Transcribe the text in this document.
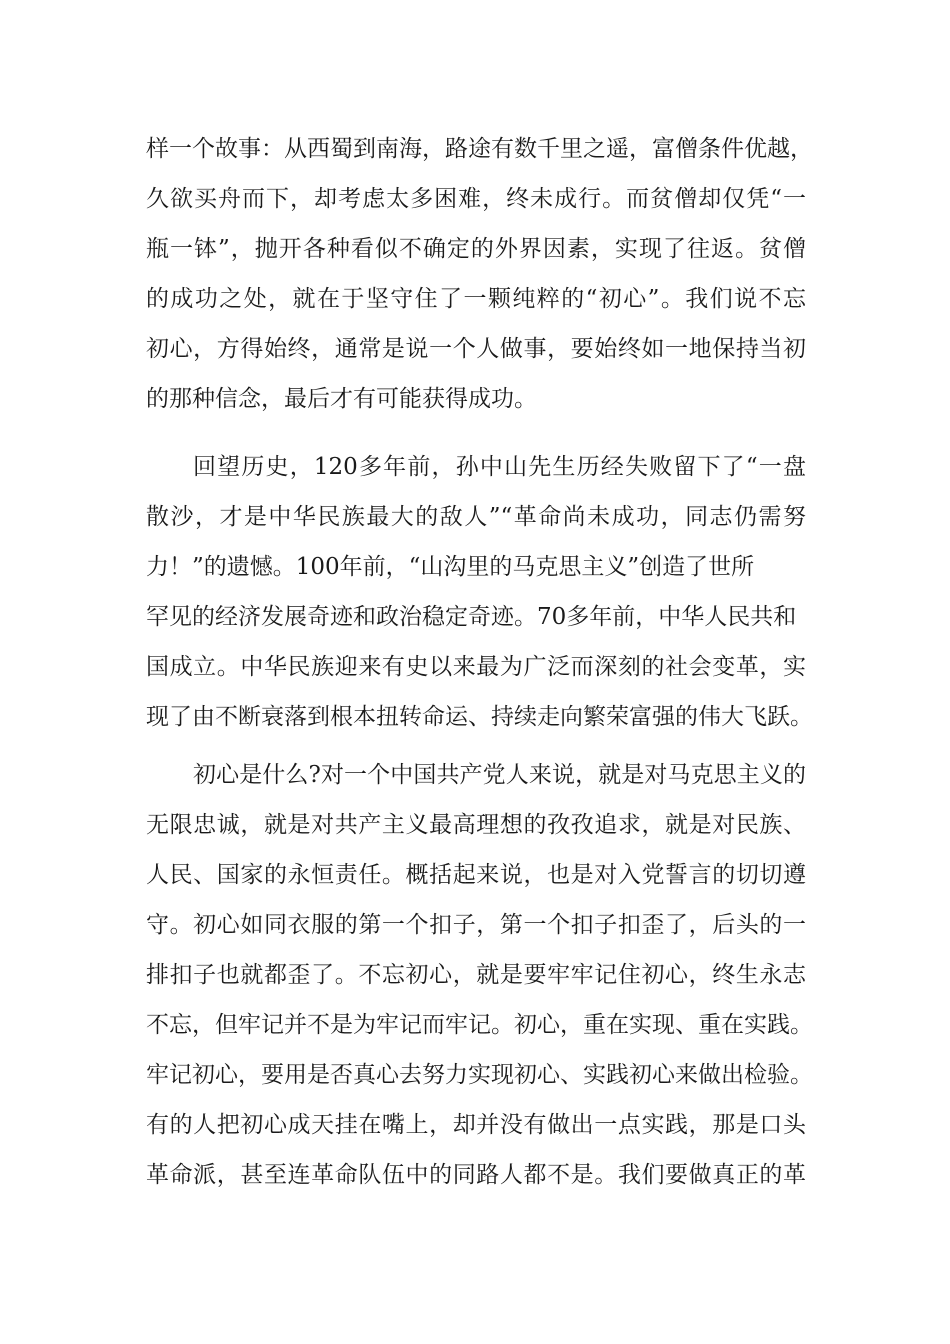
样一个故事：从西蜀到南海，路途有数千里之遥，富僧条件优越，
久欲买舟而下，却考虑太多困难，终未成行。而贫僧却仅凭“一
瓶一钵”，抛开各种看似不确定的外界因素，实现了往返。贫僧
的成功之处，就在于坚守住了一颗纯粹的“初心”。我们说不忘
初心，方得始终，通常是说一个人做事，要始终如一地保持当初
的那种信念，最后才有可能获得成功。
回望历史，120多年前，孙中山先生历经失败留下了“一盘
散沙，才是中华民族最大的敌人”“革命尚未成功，同志仍需努
力！”的遗憾。100年前，“山沟里的马克思主义”创造了世所
罕见的经济发展奇迹和政治稳定奇迹。70多年前，中华人民共和
国成立。中华民族迎来有史以来最为广泛而深刻的社会变革，实
现了由不断衰落到根本扭转命运、持续走向繁荣富强的伟大飞跃。
初心是什么?对一个中国共产党人来说，就是对马克思主义的
无限忠诚，就是对共产主义最高理想的孜孜追求，就是对民族、
人民、国家的永恒责任。概括起来说，也是对入党誓言的切切遵
守。初心如同衣服的第一个扣子，第一个扣子扣歪了，后头的一
排扣子也就都歪了。不忘初心，就是要牢牢记住初心，终生永志
不忘，但牢记并不是为牢记而牢记。初心，重在实现、重在实践。
牢记初心，要用是否真心去努力实现初心、实践初心来做出检验。
有的人把初心成天挂在嘴上，却并没有做出一点实践，那是口头
革命派，甚至连革命队伍中的同路人都不是。我们要做真正的革
